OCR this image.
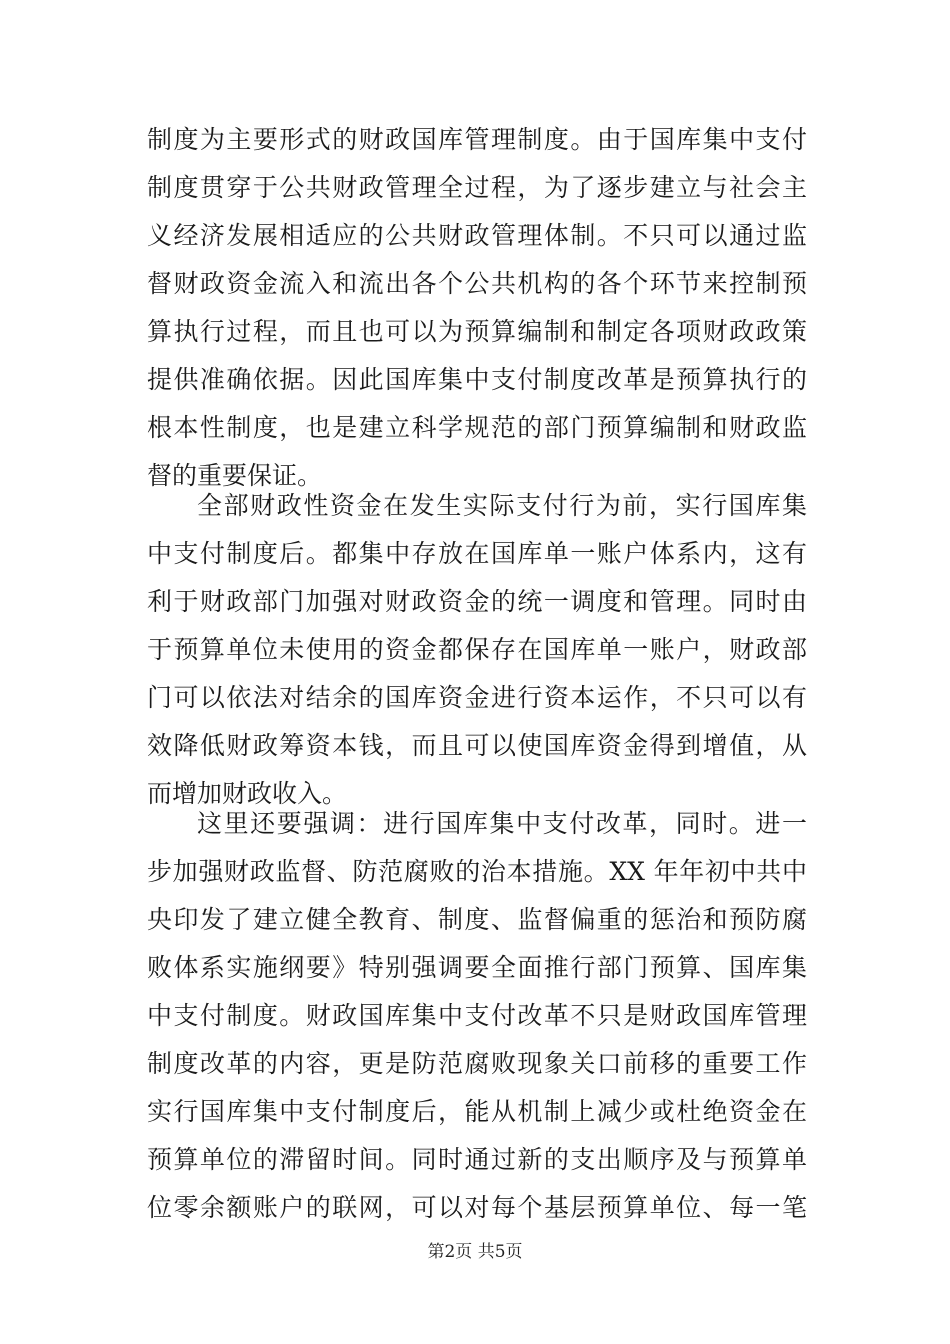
制度为主要形式的财政国库管理制度。由于国库集中支付
制度贯穿于公共财政管理全过程，为了逐步建立与社会主
义经济发展相适应的公共财政管理体制。不只可以通过监
督财政资金流入和流出各个公共机构的各个环节来控制预
算执行过程，而且也可以为预算编制和制定各项财政政策
提供准确依据。因此国库集中支付制度改革是预算执行的
根本性制度，也是建立科学规范的部门预算编制和财政监
督的重要保证。
全部财政性资金在发生实际支付行为前，实行国库集
中支付制度后。都集中存放在国库单一账户体系内，这有
利于财政部门加强对财政资金的统一调度和管理。同时由
于预算单位未使用的资金都保存在国库单一账户，财政部
门可以依法对结余的国库资金进行资本运作，不只可以有
效降低财政筹资本钱，而且可以使国库资金得到增值，从
而增加财政收入。
这里还要强调：进行国库集中支付改革，同时。进一
步加强财政监督、防范腐败的治本措施。XX 年年初中共中
央印发了建立健全教育、制度、监督偏重的惩治和预防腐
败体系实施纲要》特别强调要全面推行部门预算、国库集
中支付制度。财政国库集中支付改革不只是财政国库管理
制度改革的内容，更是防范腐败现象关口前移的重要工作
实行国库集中支付制度后，能从机制上减少或杜绝资金在
预算单位的滞留时间。同时通过新的支出顺序及与预算单
位零余额账户的联网，可以对每个基层预算单位、每一笔
第2页 共5页
